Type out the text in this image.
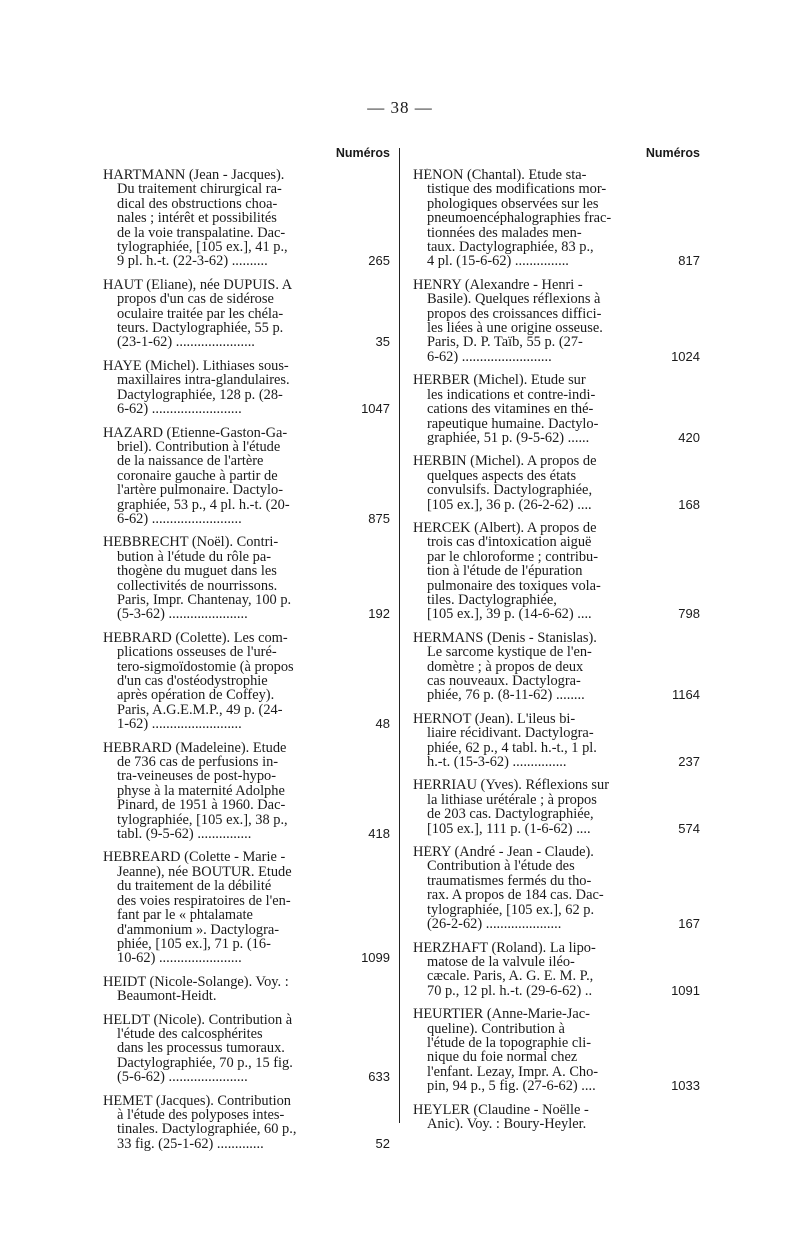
— 38 —
Numéros
HARTMANN (Jean - Jacques).
Du traitement chirurgical ra-
dical des obstructions choa-
nales ; intérêt et possibilités
de la voie transpalatine. Dac-
tylographiée, [105 ex.], 41 p.,
9 pl. h.-t. (22-3-62) ..........	265
HAUT (Eliane), née DUPUIS. A
propos d'un cas de sidérose
oculaire traitée par les chéla-
teurs. Dactylographiée, 55 p.
(23-1-62) ......................	35
HAYE (Michel). Lithiases sous-
maxillaires intra-glandulaires.
Dactylographiée, 128 p. (28-
6-62) .........................	1047
HAZARD (Etienne-Gaston-Ga-
briel). Contribution à l'étude
de la naissance de l'artère
coronaire gauche à partir de
l'artère pulmonaire. Dactylo-
graphiée, 53 p., 4 pl. h.-t. (20-
6-62) .........................	875
HEBBRECHT (Noël). Contri-
bution à l'étude du rôle pa-
thogène du muguet dans les
collectivités de nourrissons.
Paris, Impr. Chantenay, 100 p.
(5-3-62) ......................	192
HEBRARD (Colette). Les com-
plications osseuses de l'uré-
tero-sigmoïdostomie (à propos
d'un cas d'ostéodystrophie
après opération de Coffey).
Paris, A.G.E.M.P., 49 p. (24-
1-62) .........................	48
HEBRARD (Madeleine). Etude
de 736 cas de perfusions in-
tra-veineuses de post-hypo-
physe à la maternité Adolphe
Pinard, de 1951 à 1960. Dac-
tylographiée, [105 ex.], 38 p.,
tabl. (9-5-62) ...............	418
HEBREARD (Colette - Marie -
Jeanne), née BOUTUR. Etude
du traitement de la débilité
des voies respiratoires de l'en-
fant par le « phtalamate
d'ammonium ». Dactylogra-
phiée, [105 ex.], 71 p. (16-
10-62) .......................	1099
HEIDT (Nicole-Solange). Voy. :
Beaumont-Heidt.
HELDT (Nicole). Contribution à
l'étude des calcosphérites
dans les processus tumoraux.
Dactylographiée, 70 p., 15 fig.
(5-6-62) ......................	633
HEMET (Jacques). Contribution
à l'étude des polyposes intes-
tinales. Dactylographiée, 60 p.,
33 fig. (25-1-62) .............	52
Numéros
HÉNON (Chantal). Etude sta-
tistique des modifications mor-
phologiques observées sur les
pneumoencéphalographies frac-
tionnées des malades men-
taux. Dactylographiée, 83 p.,
4 pl. (15-6-62) ...............	817
HENRY (Alexandre - Henri -
Basile). Quelques réflexions à
propos des croissances diffici-
les liées à une origine osseuse.
Paris, D. P. Taïb, 55 p. (27-
6-62) .........................	1024
HERBER (Michel). Etude sur
les indications et contre-indi-
cations des vitamines en thé-
rapeutique humaine. Dactylo-
graphiée, 51 p. (9-5-62) ......	420
HERBIN (Michel). A propos de
quelques aspects des états
convulsifs. Dactylographiée,
[105 ex.], 36 p. (26-2-62) ....	168
HERCEK (Albert). A propos de
trois cas d'intoxication aiguë
par le chloroforme ; contribu-
tion à l'étude de l'épuration
pulmonaire des toxiques vola-
tiles. Dactylographiée,
[105 ex.], 39 p. (14-6-62) ....	798
HERMANS (Denis - Stanislas).
Le sarcome kystique de l'en-
domètre ; à propos de deux
cas nouveaux. Dactylogra-
phiée, 76 p. (8-11-62) ........	1164
HERNOT (Jean). L'ileus bi-
liaire récidivant. Dactylogra-
phiée, 62 p., 4 tabl. h.-t., 1 pl.
h.-t. (15-3-62) ...............	237
HERRIAU (Yves). Réflexions sur
la lithiase urétérale ; à propos
de 203 cas. Dactylographiée,
[105 ex.], 111 p. (1-6-62) ....	574
HÉRY (André - Jean - Claude).
Contribution à l'étude des
traumatismes fermés du tho-
rax. A propos de 184 cas. Dac-
tylographiée, [105 ex.], 62 p.
(26-2-62) .....................	167
HERZHAFT (Roland). La lipo-
matose de la valvule iléo-
cæcale. Paris, A. G. E. M. P.,
70 p., 12 pl. h.-t. (29-6-62) ..	1091
HEURTIER (Anne-Marie-Jac-
queline). Contribution à
l'étude de la topographie cli-
nique du foie normal chez
l'enfant. Lezay, Impr. A. Cho-
pin, 94 p., 5 fig. (27-6-62) ....	1033
HEYLER (Claudine - Noëlle -
Anic). Voy. : Boury-Heyler.
